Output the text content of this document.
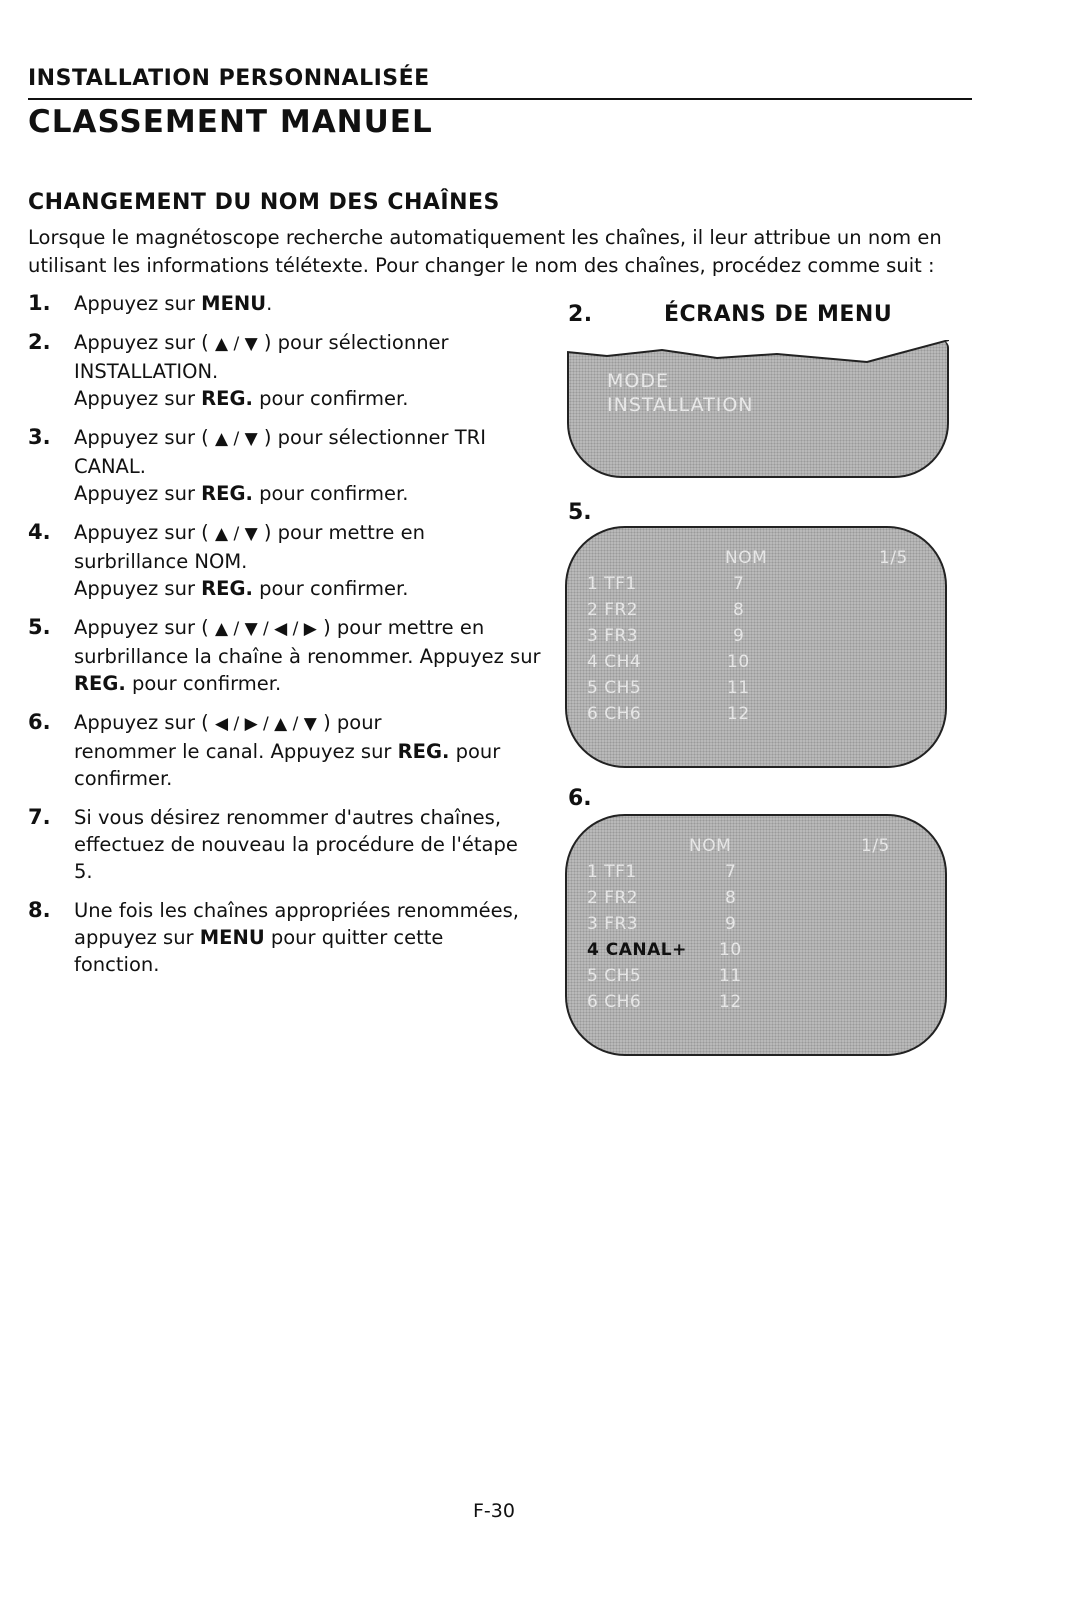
INSTALLATION PERSONNALISÉE
CLASSEMENT MANUEL
CHANGEMENT DU NOM DES CHAÎNES
Lorsque le magnétoscope recherche automatiquement les chaînes, il leur attribue un nom en
utilisant les informations télétexte. Pour changer le nom des chaînes, procédez comme suit :
1. Appuyez sur MENU.
2. Appuyez sur ( ▲ / ▼ ) pour sélectionner
INSTALLATION.
Appuyez sur REG. pour confirmer.
3. Appuyez sur ( ▲ / ▼ ) pour sélectionner TRI
CANAL.
Appuyez sur REG. pour confirmer.
4. Appuyez sur ( ▲ / ▼ ) pour mettre en
surbrillance NOM.
Appuyez sur REG. pour confirmer.
5. Appuyez sur ( ▲ / ▼ / ◀ / ▶ ) pour mettre en
surbrillance la chaîne à renommer. Appuyez sur
REG. pour confirmer.
6. Appuyez sur ( ◀ / ▶ / ▲ / ▼ ) pour
renommer le canal. Appuyez sur REG. pour
confirmer.
7. Si vous désirez renommer d'autres chaînes,
effectuez de nouveau la procédure de l'étape
5.
8. Une fois les chaînes appropriées renommées,
appuyez sur MENU pour quitter cette
fonction.
2.	ÉCRANS DE MENU
MODE
INSTALLATION
5.
NOM	1/5
1 TF1	7
2 FR2	8
3 FR3	9
4 CH4	10
5 CH5	11
6 CH6	12
6.
NOM	1/5
1 TF1	7
2 FR2	8
3 FR3	9
4 CANAL+ 10
5 CH5	11
6 CH6	12
F-30
